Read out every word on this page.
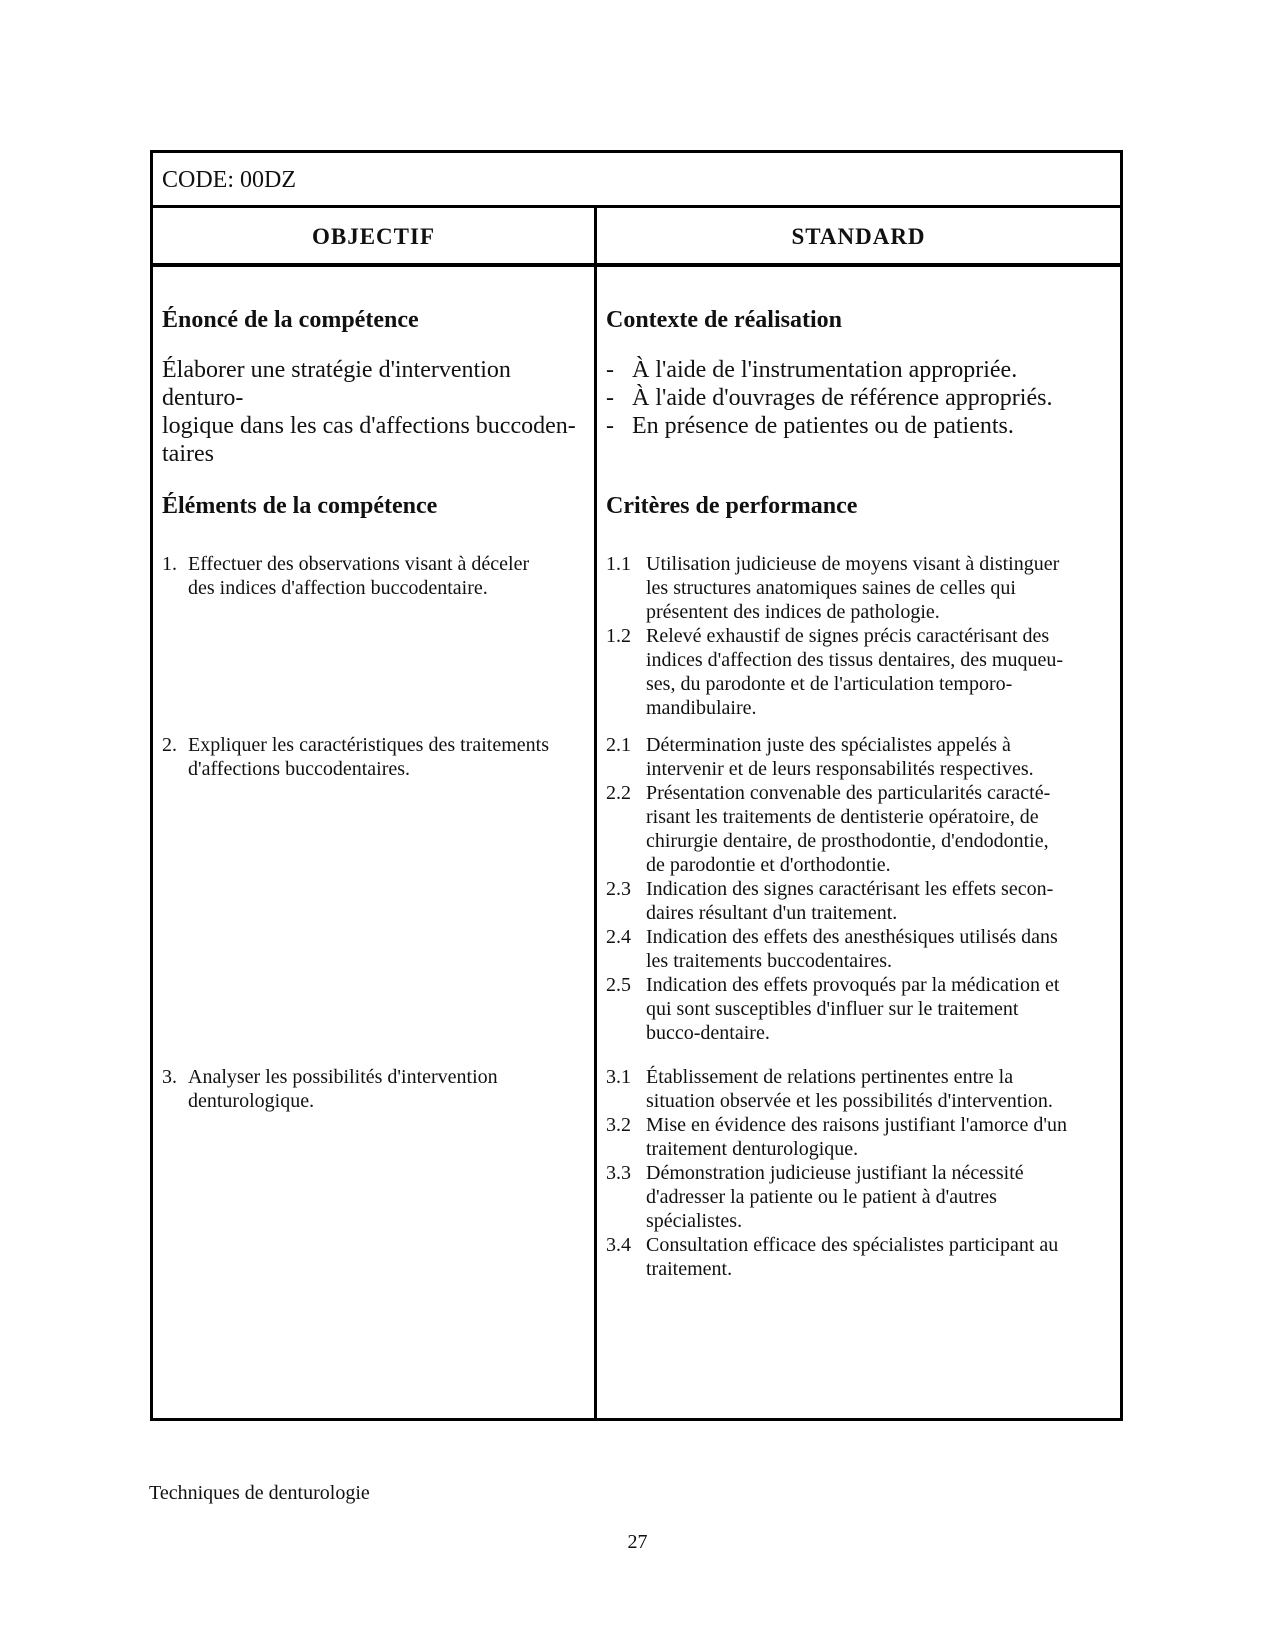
CODE: 00DZ
OBJECTIF	STANDARD
Énoncé de la compétence
Élaborer une stratégie d'intervention denturo-
logique dans les cas d'affections buccoden-
taires
Éléments de la compétence
1. Effectuer des observations visant à déceler
des indices d'affection buccodentaire.
2. Expliquer les caractéristiques des traitements
d'affections buccodentaires.
3. Analyser les possibilités d'intervention
denturologique.
Contexte de réalisation
- À l'aide de l'instrumentation appropriée.
- À l'aide d'ouvrages de référence appropriés.
- En présence de patientes ou de patients.
Critères de performance
1.1 Utilisation judicieuse de moyens visant à distinguer
les structures anatomiques saines de celles qui
présentent des indices de pathologie.
1.2 Relevé exhaustif de signes précis caractérisant des
indices d'affection des tissus dentaires, des muqueu-
ses, du parodonte et de l'articulation temporo-
mandibulaire.
2.1 Détermination juste des spécialistes appelés à
intervenir et de leurs responsabilités respectives.
2.2 Présentation convenable des particularités caracté-
risant les traitements de dentisterie opératoire, de
chirurgie dentaire, de prosthodontie, d'endodontie,
de parodontie et d'orthodontie.
2.3 Indication des signes caractérisant les effets secon-
daires résultant d'un traitement.
2.4 Indication des effets des anesthésiques utilisés dans
les traitements buccodentaires.
2.5 Indication des effets provoqués par la médication et
qui sont susceptibles d'influer sur le traitement
bucco-dentaire.
3.1 Établissement de relations pertinentes entre la
situation observée et les possibilités d'intervention.
3.2 Mise en évidence des raisons justifiant l'amorce d'un
traitement denturologique.
3.3 Démonstration judicieuse justifiant la nécessité
d'adresser la patiente ou le patient à d'autres
spécialistes.
3.4 Consultation efficace des spécialistes participant au
traitement.
Techniques de denturologie
27
